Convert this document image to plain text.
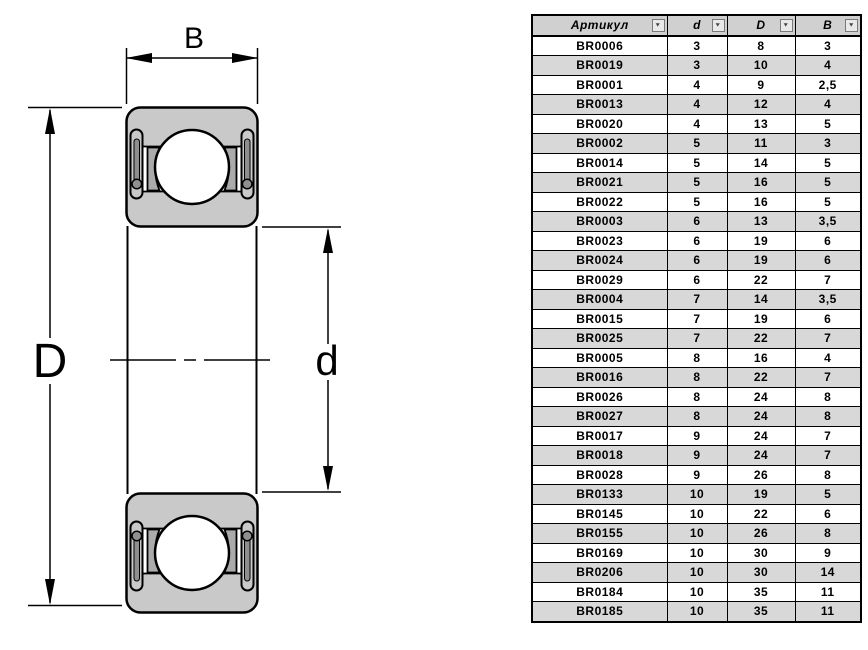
B
D	d
Артикул ▼	d ▼	D ▼	B ▼

BR0006	3	8	3
BR0019	3	10	4
BR0001	4	9	2,5
BR0013	4	12	4
BR0020	4	13	5
BR0002	5	11	3
BR0014	5	14	5
BR0021	5	16	5
BR0022	5	16	5
BR0003	6	13	3,5
BR0023	6	19	6
BR0024	6	19	6
BR0029	6	22	7
BR0004	7	14	3,5
BR0015	7	19	6
BR0025	7	22	7
BR0005	8	16	4
BR0016	8	22	7
BR0026	8	24	8
BR0027	8	24	8
BR0017	9	24	7
BR0018	9	24	7
BR0028	9	26	8
BR0133	10	19	5
BR0145	10	22	6
BR0155	10	26	8
BR0169	10	30	9
BR0206	10	30	14
BR0184	10	35	11
BR0185	10	35	11
